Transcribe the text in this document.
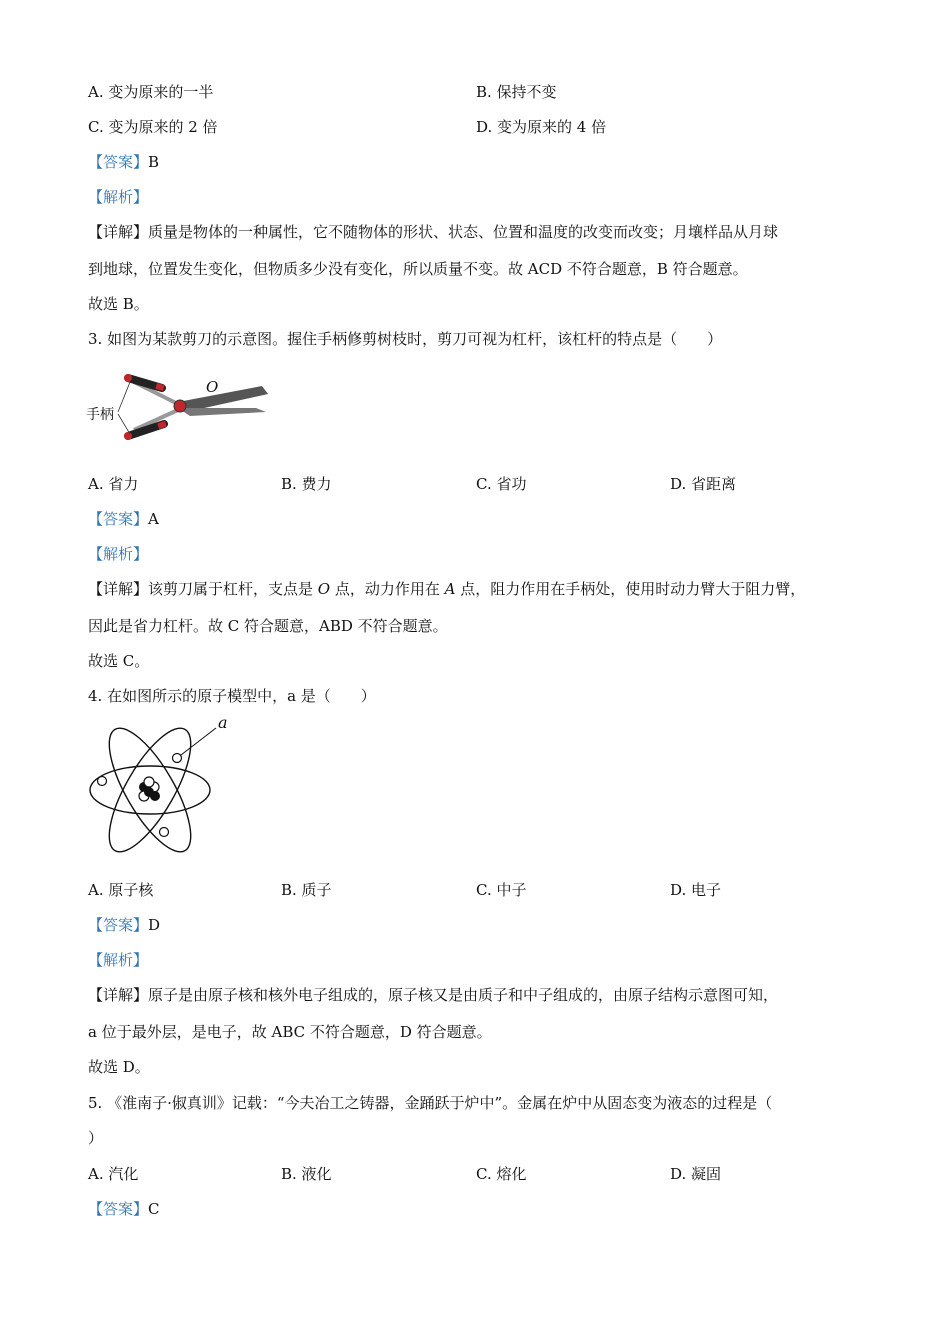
A. 变为原来的一半	B. 保持不变
C. 变为原来的 2 倍	D. 变为原来的 4 倍
【答案】B
【解析】
【详解】质量是物体的一种属性，它不随物体的形状、状态、位置和温度的改变而改变；月壤样品从月球
到地球，位置发生变化，但物质多少没有变化，所以质量不变。故 ACD 不符合题意，B 符合题意。
故选 B。
3. 如图为某款剪刀的示意图。握住手柄修剪树枝时，剪刀可视为杠杆，该杠杆的特点是（　　）
手柄
O
A. 省力	B. 费力	C. 省功	D. 省距离
【答案】A
【解析】
【详解】该剪刀属于杠杆，支点是 O 点，动力作用在 A 点，阻力作用在手柄处，使用时动力臂大于阻力臂，
因此是省力杠杆。故 C 符合题意，ABD 不符合题意。
故选 C。
4. 在如图所示的原子模型中，a 是（　　）
a
A. 原子核	B. 质子	C. 中子	D. 电子
【答案】D
【解析】
【详解】原子是由原子核和核外电子组成的，原子核又是由质子和中子组成的，由原子结构示意图可知，
a 位于最外层，是电子，故 ABC 不符合题意，D 符合题意。
故选 D。
5. 《淮南子·俶真训》记载：“今夫冶工之铸器，金踊跃于炉中”。金属在炉中从固态变为液态的过程是（
）
A. 汽化	B. 液化	C. 熔化	D. 凝固
【答案】C
